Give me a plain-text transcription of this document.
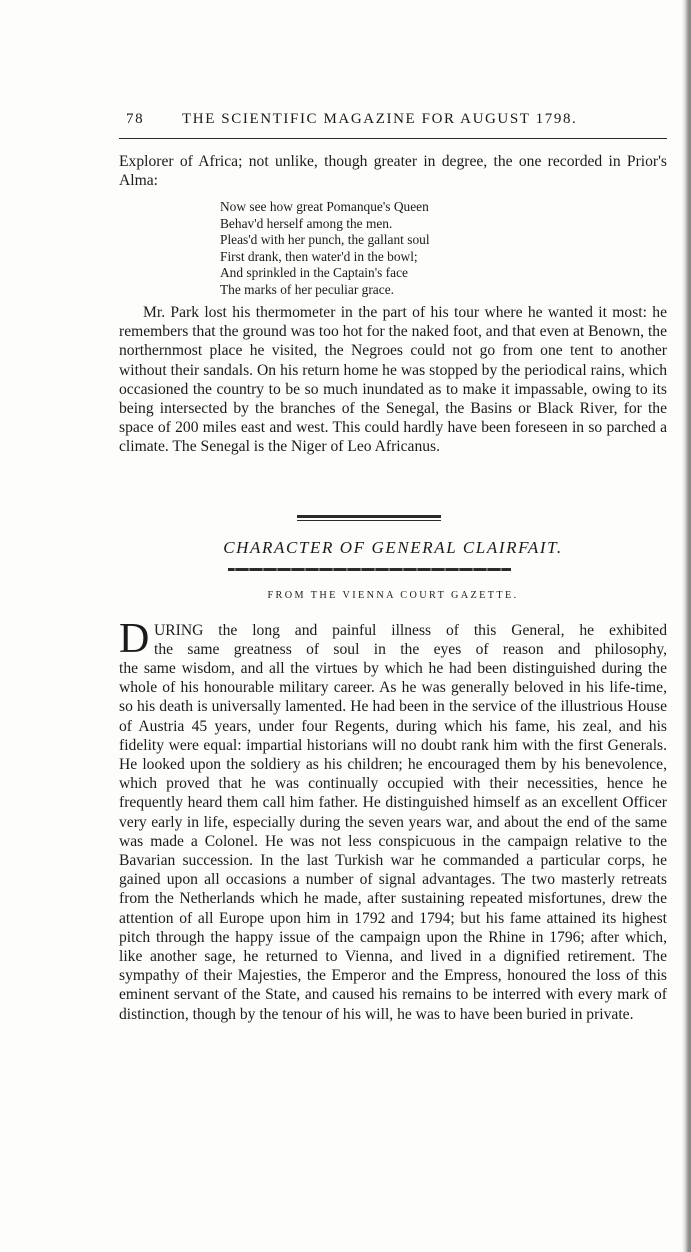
78	THE SCIENTIFIC MAGAZINE FOR AUGUST 1798.
Explorer of Africa; not unlike, though greater in degree, the one recorded in Prior's Alma:
Now see how great Pomanque's Queen
Behav'd herself among the men.
Pleas'd with her punch, the gallant soul
First drank, then water'd in the bowl;
And sprinkled in the Captain's face
The marks of her peculiar grace.
Mr. Park lost his thermometer in the part of his tour where he wanted it most: he remembers that the ground was too hot for the naked foot, and that even at Benown, the northernmost place he visited, the Negroes could not go from one tent to another without their sandals. On his return home he was stopped by the periodical rains, which occasioned the country to be so much inundated as to make it impassable, owing to its being intersected by the branches of the Senegal, the Basins or Black River, for the space of 200 miles east and west. This could hardly have been foreseen in so parched a climate. The Senegal is the Niger of Leo Africanus.
CHARACTER OF GENERAL CLAIRFAIT.
FROM THE VIENNA COURT GAZETTE.
D URING the long and painful illness of this General, he exhibited
the same greatness of soul in the eyes of reason and philosophy,
the same wisdom, and all the virtues by which he had been distinguished during the whole of his honourable military career. As he was generally beloved in his life-time, so his death is universally lamented. He had been in the service of the illustrious House of Austria 45 years, under four Regents, during which his fame, his zeal, and his fidelity were equal: impartial historians will no doubt rank him with the first Generals. He looked upon the soldiery as his children; he encouraged them by his benevolence, which proved that he was continually occupied with their necessities, hence he frequently heard them call him father. He distinguished himself as an excellent Officer very early in life, especially during the seven years war, and about the end of the same was made a Colonel. He was not less conspicuous in the campaign relative to the Bavarian succession. In the last Turkish war he commanded a particular corps, he gained upon all occasions a number of signal advantages. The two masterly retreats from the Netherlands which he made, after sustaining repeated misfortunes, drew the attention of all Europe upon him in 1792 and 1794; but his fame attained its highest pitch through the happy issue of the campaign upon the Rhine in 1796; after which, like another sage, he returned to Vienna, and lived in a dignified retirement. The sympathy of their Majesties, the Emperor and the Empress, honoured the loss of this eminent servant of the State, and caused his remains to be interred with every mark of distinction, though by the tenour of his will, he was to have been buried in private.
